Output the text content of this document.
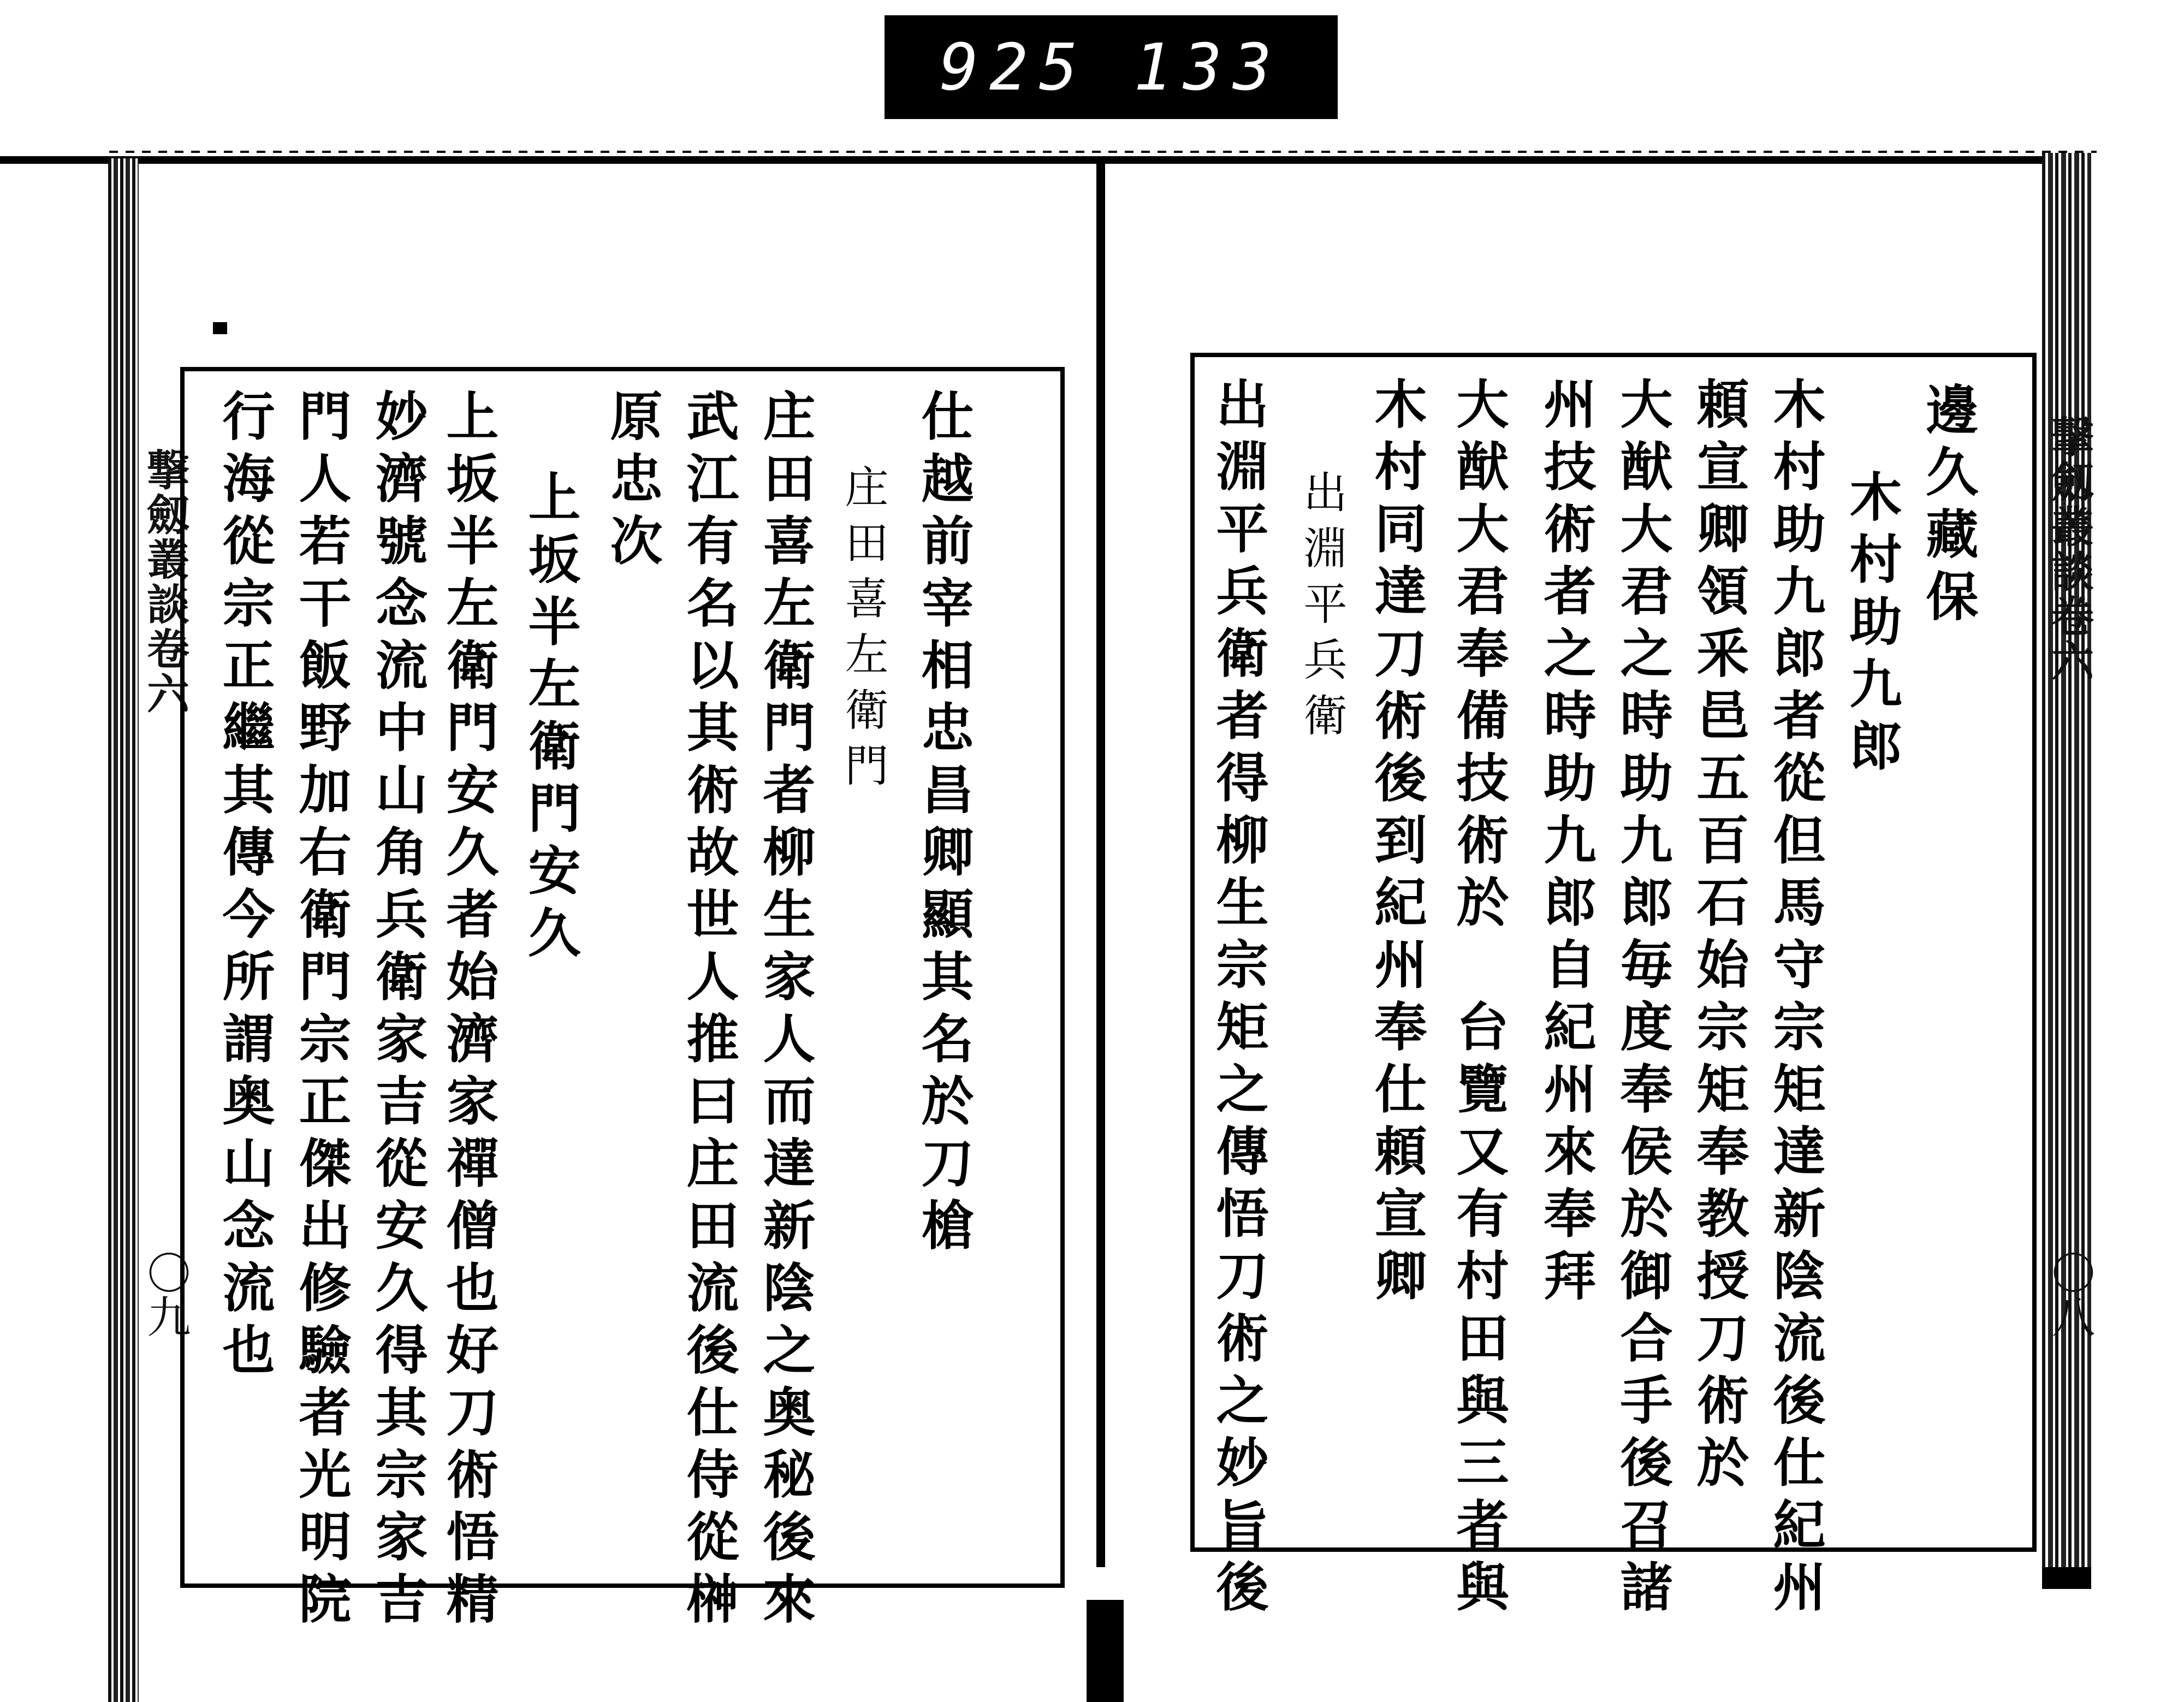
925 133
撃劔叢談卷六
〇九
撃劔叢談卷六
〇八
仕越前宰相忠昌卿顯其名於刀槍
庄田喜左衛門
庄田喜左衛門者柳生家人而達新陰之奥秘後來
武江有名以其術故世人推曰庄田流後仕侍從榊
原忠次
上坂半左衛門安久
上坂半左衛門安久者始濟家禪僧也好刀術悟精
妙濟號念流中山角兵衛家吉從安久得其宗家吉
門人若干飯野加右衛門宗正傑出修驗者光明院
行海從宗正繼其傳今所謂奥山念流也	邊久藏保
木村助九郎
木村助九郎者從但馬守宗矩達新陰流後仕紀州
頼宣卿領釆邑五百石始宗矩奉教授刀術於
大猷大君之時助九郎毎度奉侯於御合手後召諸
州技術者之時助九郎自紀州來奉拜
大猷大君奉備技術於　台覽又有村田與三者與
木村同達刀術後到紀州奉仕頼宣卿
出淵平兵衛
出淵平兵衛者得柳生宗矩之傳悟刀術之妙旨後
